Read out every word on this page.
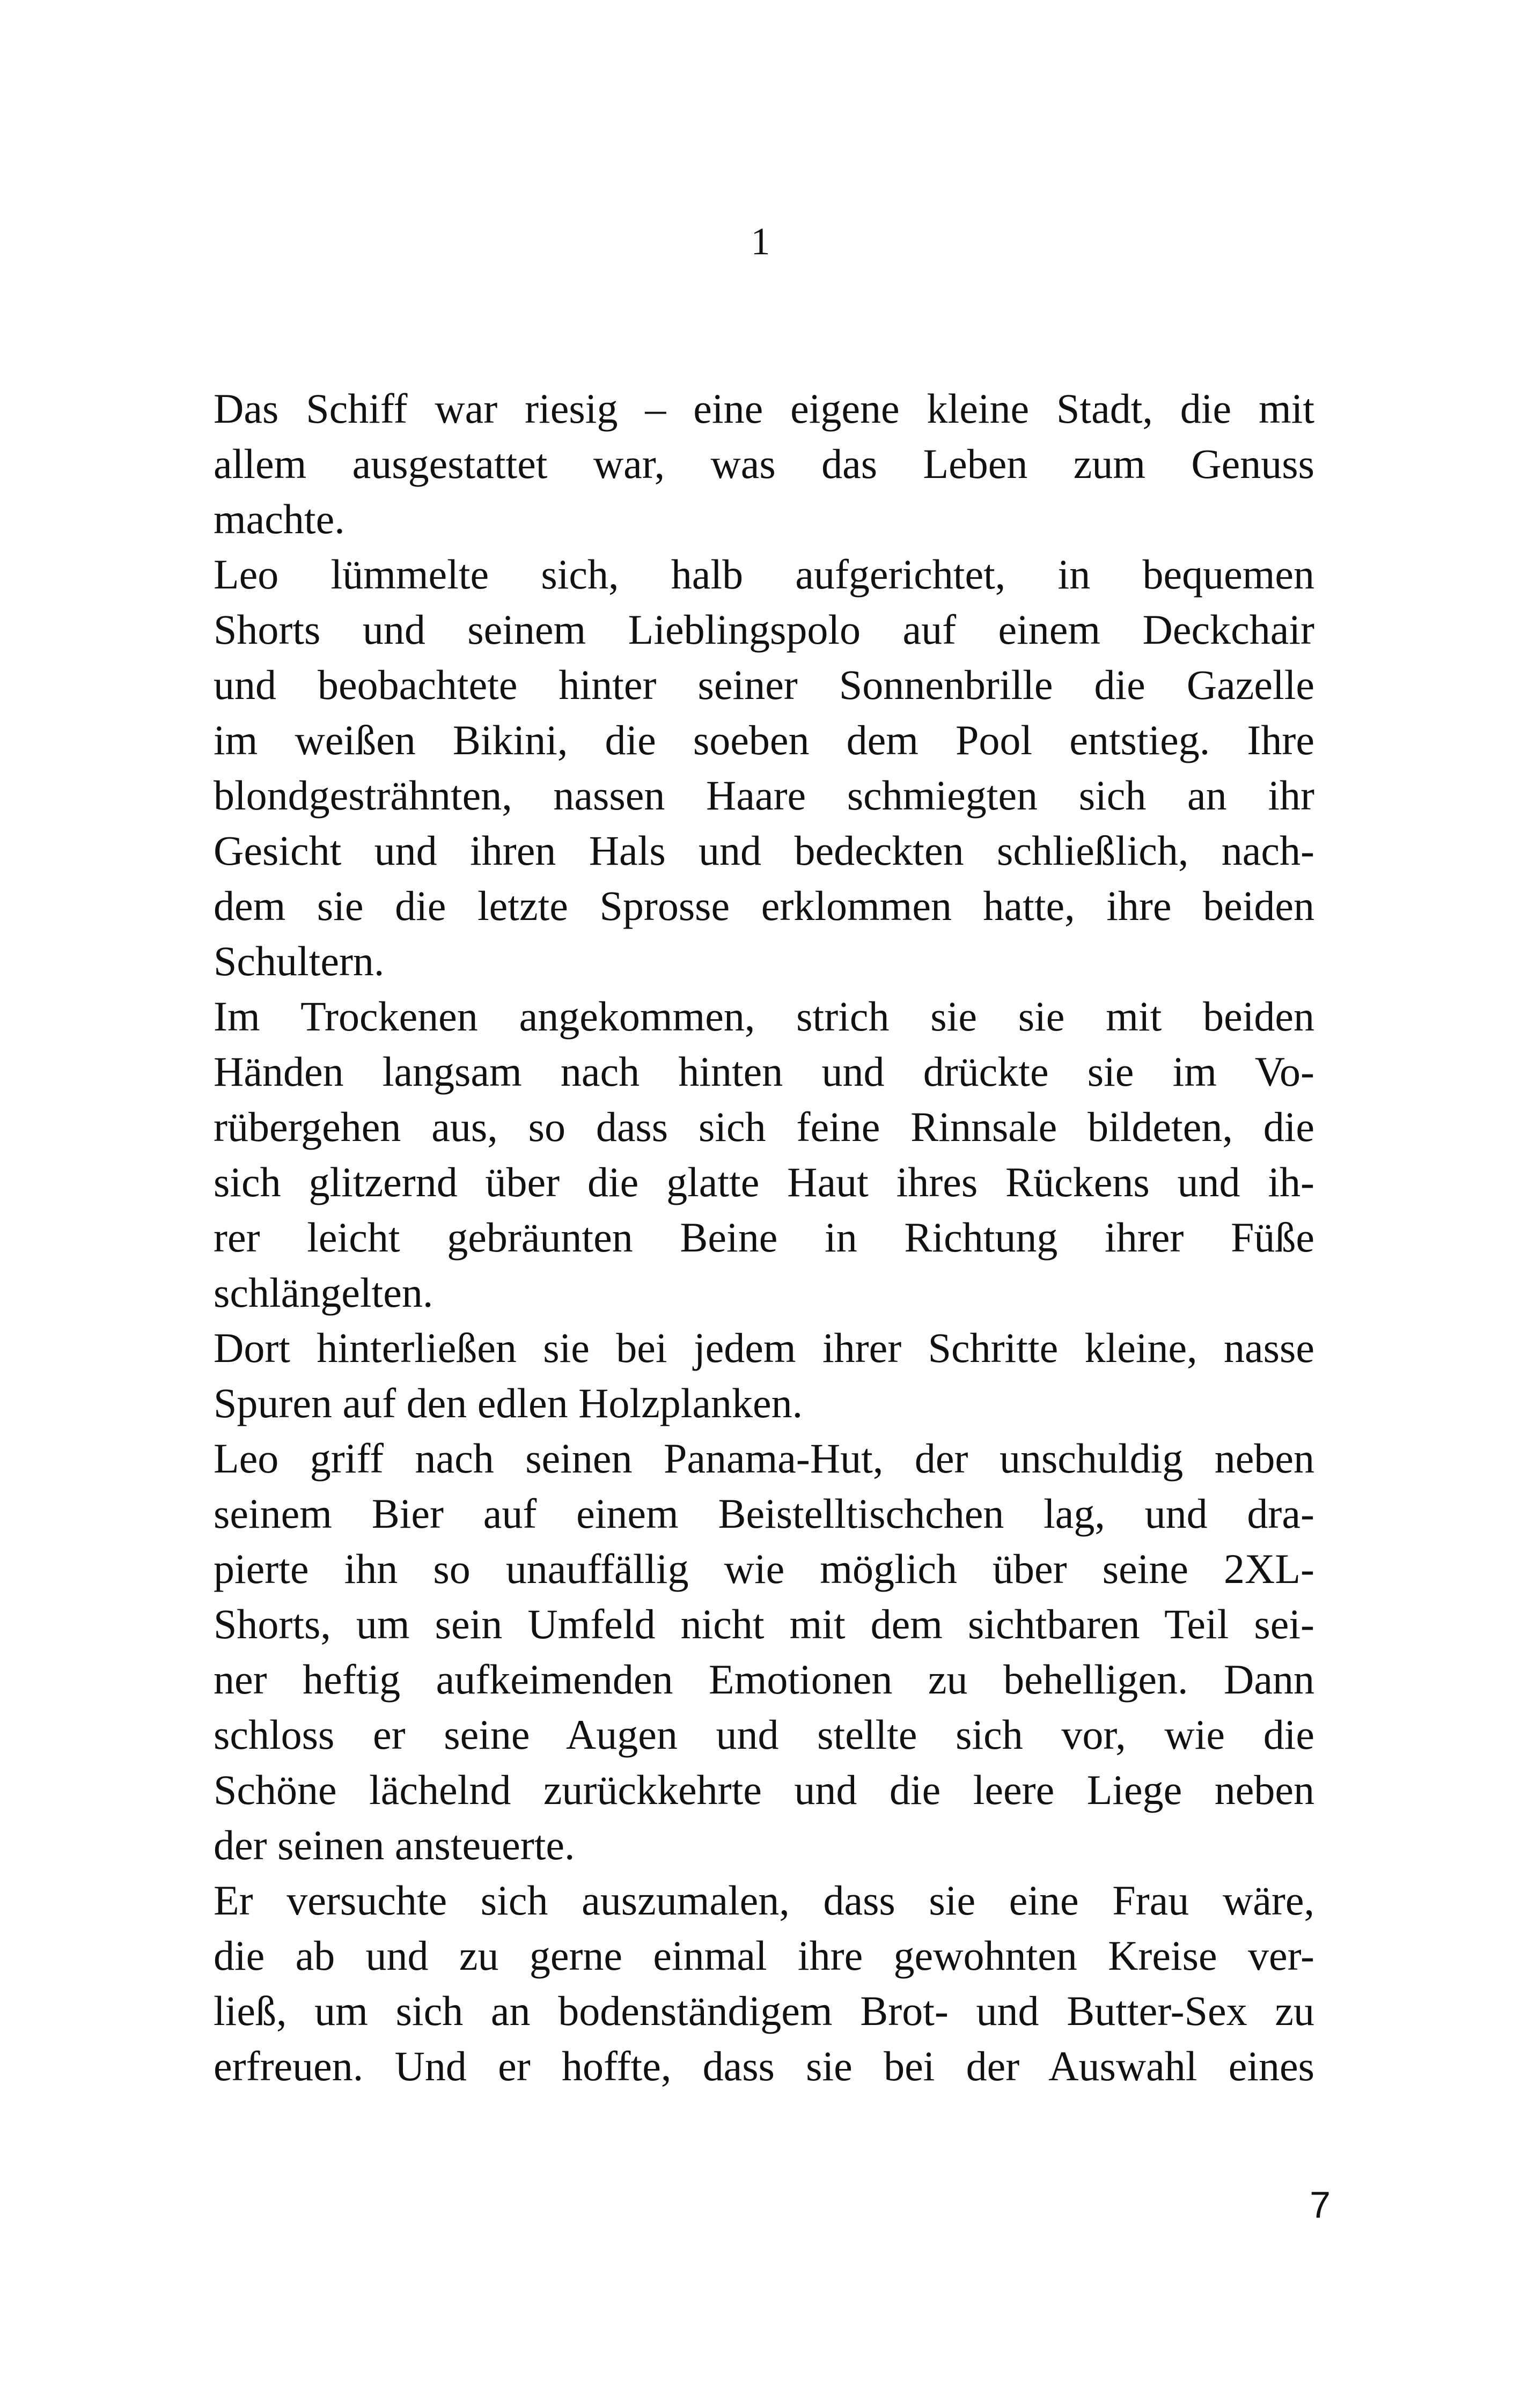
1
Das Schiff war riesig – eine eigene kleine Stadt, die mit
allem ausgestattet war, was das Leben zum Genuss
machte.
Leo lümmelte sich, halb aufgerichtet, in bequemen
Shorts und seinem Lieblingspolo auf einem Deckchair
und beobachtete hinter seiner Sonnenbrille die Gazelle
im weißen Bikini, die soeben dem Pool entstieg. Ihre
blondgesträhnten, nassen Haare schmiegten sich an ihr
Gesicht und ihren Hals und bedeckten schließlich, nach-
dem sie die letzte Sprosse erklommen hatte, ihre beiden
Schultern.
Im Trockenen angekommen, strich sie sie mit beiden
Händen langsam nach hinten und drückte sie im Vo-
rübergehen aus, so dass sich feine Rinnsale bildeten, die
sich glitzernd über die glatte Haut ihres Rückens und ih-
rer leicht gebräunten Beine in Richtung ihrer Füße
schlängelten.
Dort hinterließen sie bei jedem ihrer Schritte kleine, nasse
Spuren auf den edlen Holzplanken.
Leo griff nach seinen Panama-Hut, der unschuldig neben
seinem Bier auf einem Beistelltischchen lag, und dra-
pierte ihn so unauffällig wie möglich über seine 2XL-
Shorts, um sein Umfeld nicht mit dem sichtbaren Teil sei-
ner heftig aufkeimenden Emotionen zu behelligen. Dann
schloss er seine Augen und stellte sich vor, wie die
Schöne lächelnd zurückkehrte und die leere Liege neben
der seinen ansteuerte.
Er versuchte sich auszumalen, dass sie eine Frau wäre,
die ab und zu gerne einmal ihre gewohnten Kreise ver-
ließ, um sich an bodenständigem Brot- und Butter-Sex zu
erfreuen. Und er hoffte, dass sie bei der Auswahl eines
7
